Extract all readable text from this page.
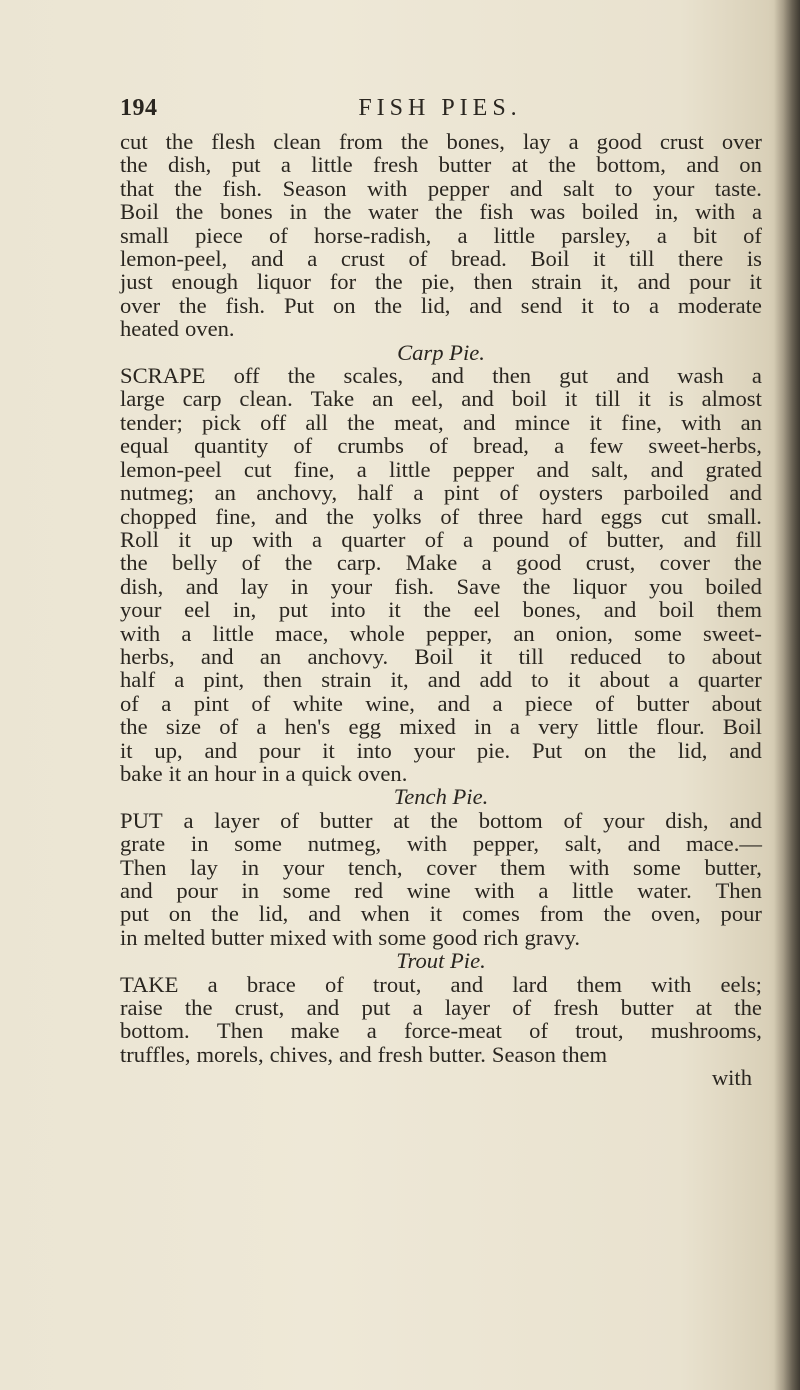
FISH PIES.
194
cut the flesh clean from the bones, lay a good crust over
the dish, put a little fresh butter at the bottom, and on
that the fish. Season with pepper and salt to your taste.
Boil the bones in the water the fish was boiled in, with a
small piece of horse-radish, a little parsley, a bit of
lemon-peel, and a crust of bread. Boil it till there is
just enough liquor for the pie, then strain it, and pour it
over the fish. Put on the lid, and send it to a moderate
heated oven.
Carp Pie.
SCRAPE off the scales, and then gut and wash a
large carp clean. Take an eel, and boil it till it is almost
tender; pick off all the meat, and mince it fine, with an
equal quantity of crumbs of bread, a few sweet-herbs,
lemon-peel cut fine, a little pepper and salt, and grated
nutmeg; an anchovy, half a pint of oysters parboiled and
chopped fine, and the yolks of three hard eggs cut small.
Roll it up with a quarter of a pound of butter, and fill
the belly of the carp. Make a good crust, cover the
dish, and lay in your fish. Save the liquor you boiled
your eel in, put into it the eel bones, and boil them
with a little mace, whole pepper, an onion, some sweet-
herbs, and an anchovy. Boil it till reduced to about
half a pint, then strain it, and add to it about a quarter
of a pint of white wine, and a piece of butter about
the size of a hen's egg mixed in a very little flour. Boil
it up, and pour it into your pie. Put on the lid, and
bake it an hour in a quick oven.
Tench Pie.
PUT a layer of butter at the bottom of your dish, and
grate in some nutmeg, with pepper, salt, and mace.—
Then lay in your tench, cover them with some butter,
and pour in some red wine with a little water. Then
put on the lid, and when it comes from the oven, pour
in melted butter mixed with some good rich gravy.
Trout Pie.
TAKE a brace of trout, and lard them with eels;
raise the crust, and put a layer of fresh butter at the
bottom. Then make a force-meat of trout, mushrooms,
truffles, morels, chives, and fresh butter. Season them
with
